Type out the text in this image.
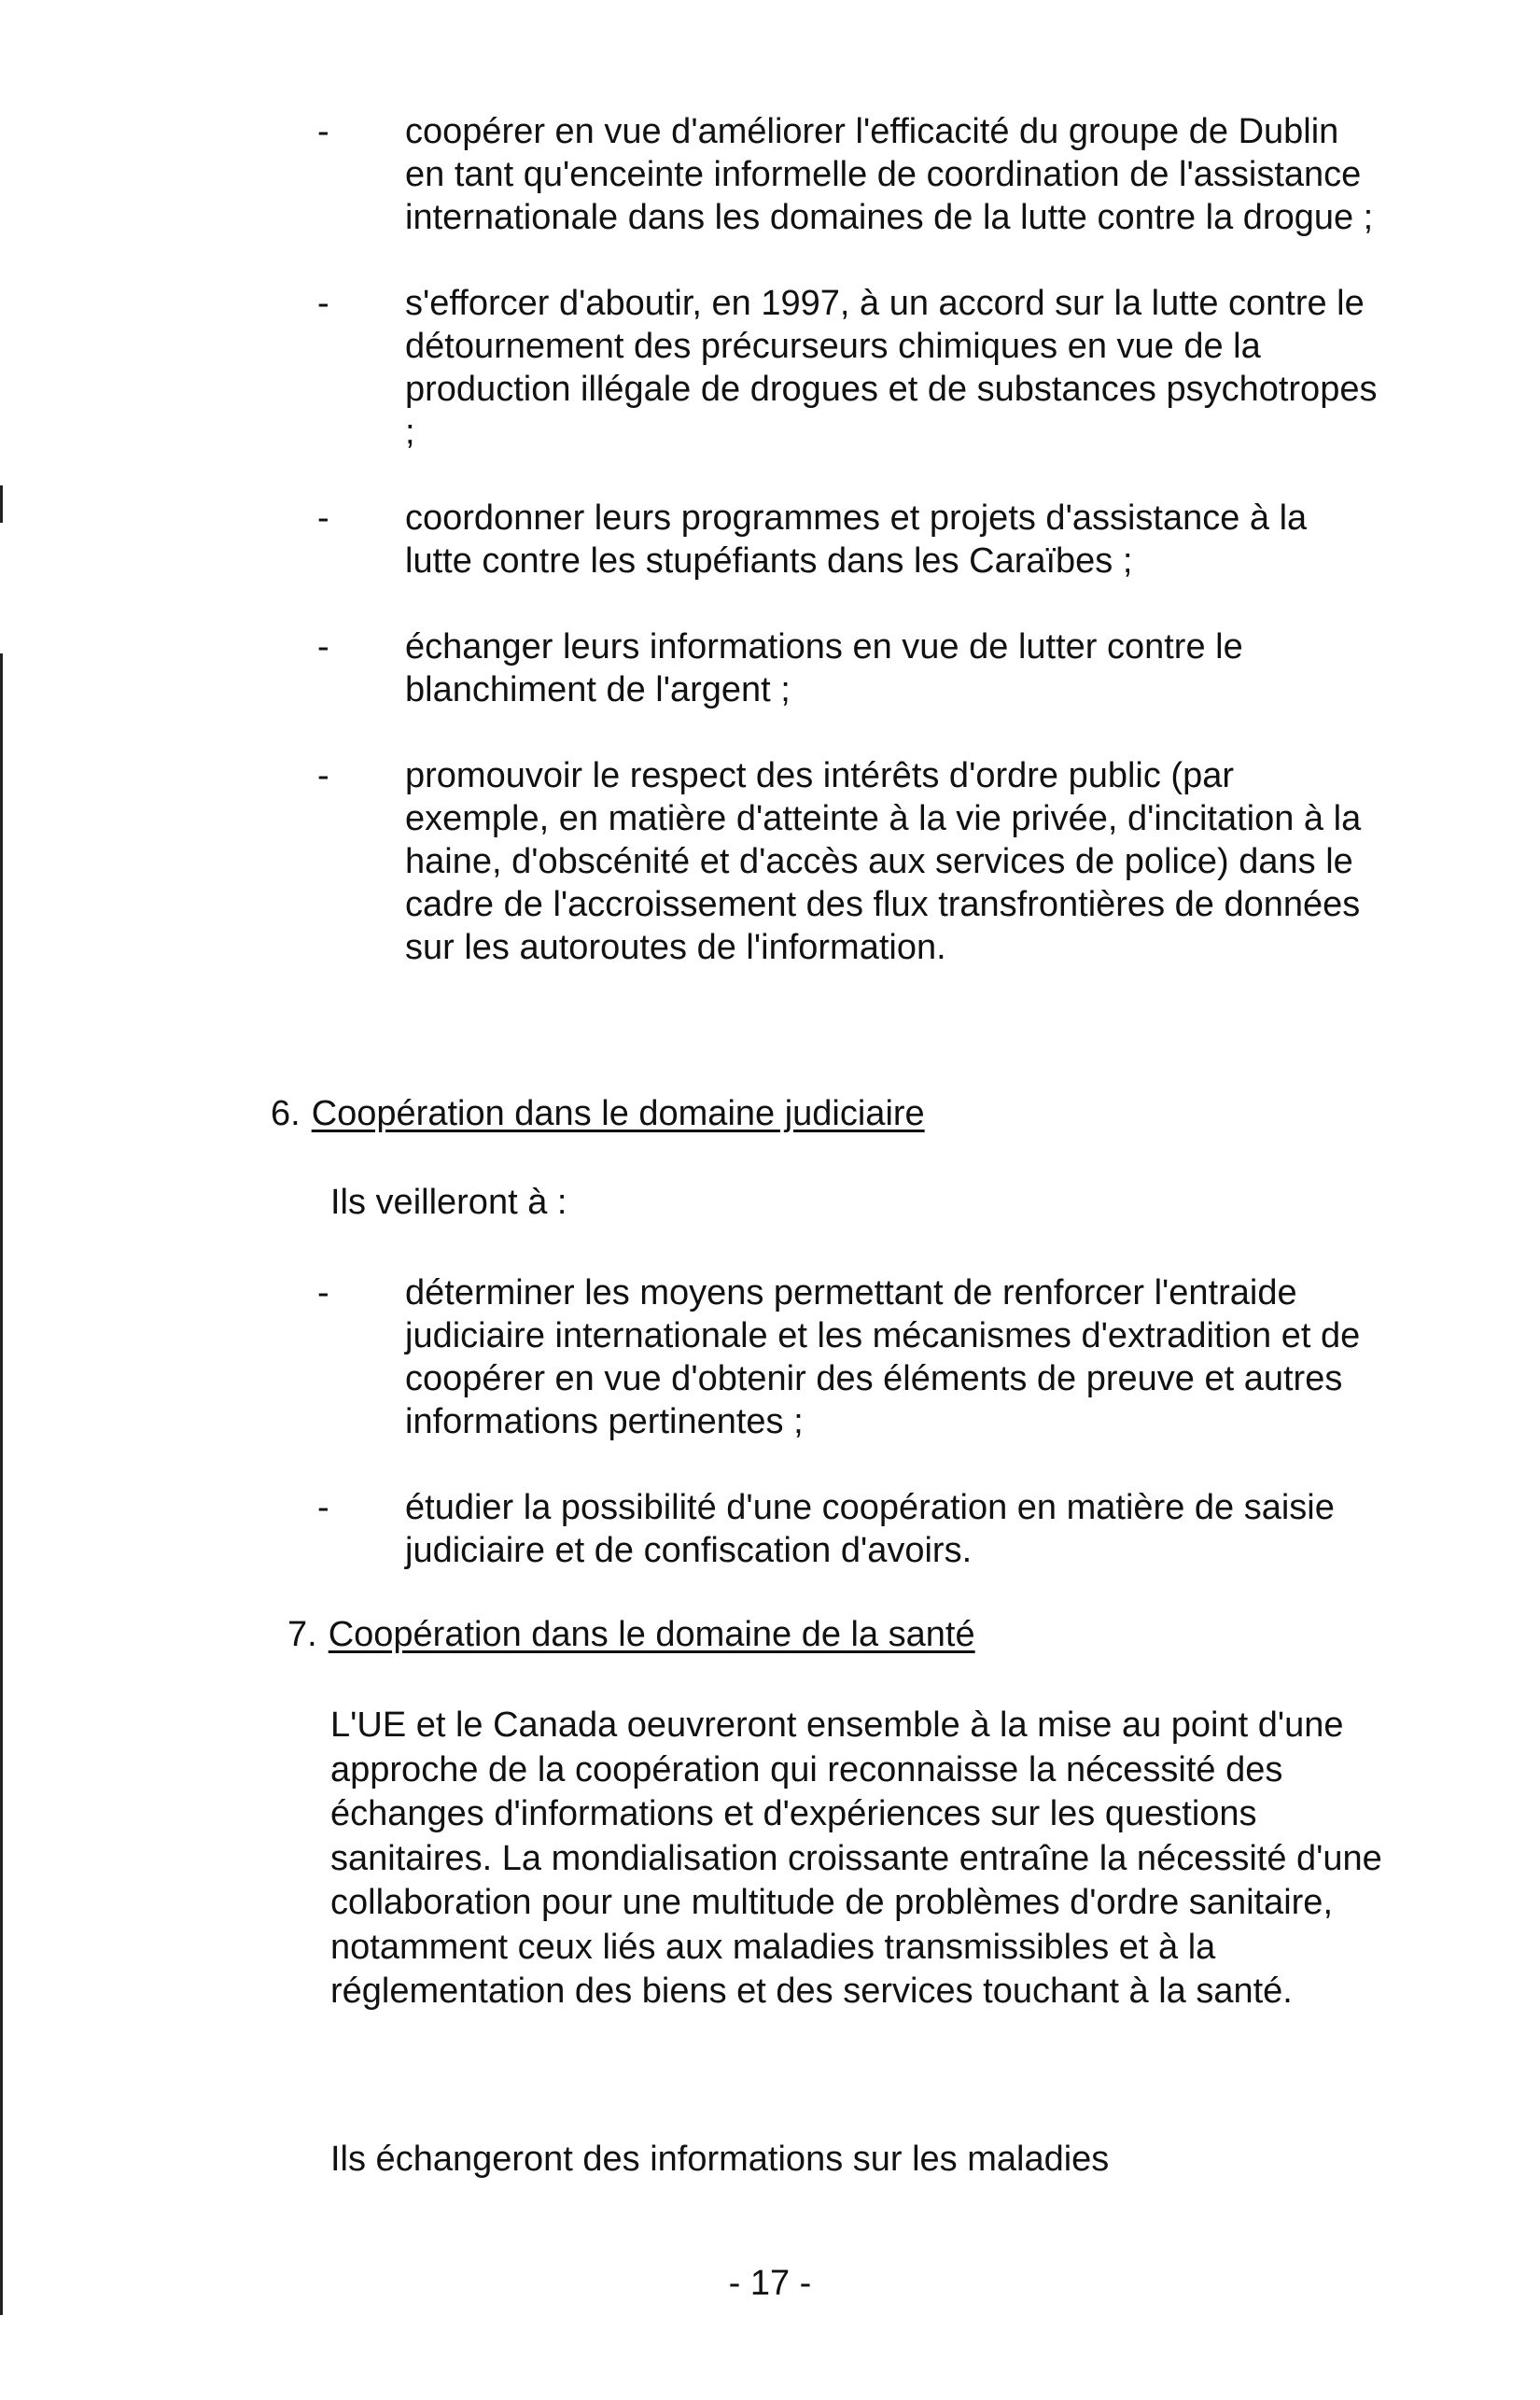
- coopérer en vue d'améliorer l'efficacité du groupe de Dublin en tant qu'enceinte informelle de coordination de l'assistance internationale dans les domaines de la lutte contre la drogue ;
- s'efforcer d'aboutir, en 1997, à un accord sur la lutte contre le détournement des précurseurs chimiques en vue de la production illégale de drogues et de substances psychotropes ;
- coordonner leurs programmes et projets d'assistance à la lutte contre les stupéfiants dans les Caraïbes ;
- échanger leurs informations en vue de lutter contre le blanchiment de l'argent ;
- promouvoir le respect des intérêts d'ordre public (par exemple, en matière d'atteinte à la vie privée, d'incitation à la haine, d'obscénité et d'accès aux services de police) dans le cadre de l'accroissement des flux transfrontières de données sur les autoroutes de l'information.
6. Coopération dans le domaine judiciaire

Ils veilleront à :

- déterminer les moyens permettant de renforcer l'entraide judiciaire internationale et les mécanismes d'extradition et de coopérer en vue d'obtenir des éléments de preuve et autres informations pertinentes ;
- étudier la possibilité d'une coopération en matière de saisie judiciaire et de confiscation d'avoirs.
7. Coopération dans le domaine de la santé

L'UE et le Canada oeuvreront ensemble à la mise au point d'une approche de la coopération qui reconnaisse la nécessité des échanges d'informations et d'expériences sur les questions sanitaires. La mondialisation croissante entraîne la nécessité d'une collaboration pour une multitude de problèmes d'ordre sanitaire, notamment ceux liés aux maladies transmissibles et à la réglementation des biens et des services touchant à la santé.

Ils échangeront des informations sur les maladies

- 17 -
